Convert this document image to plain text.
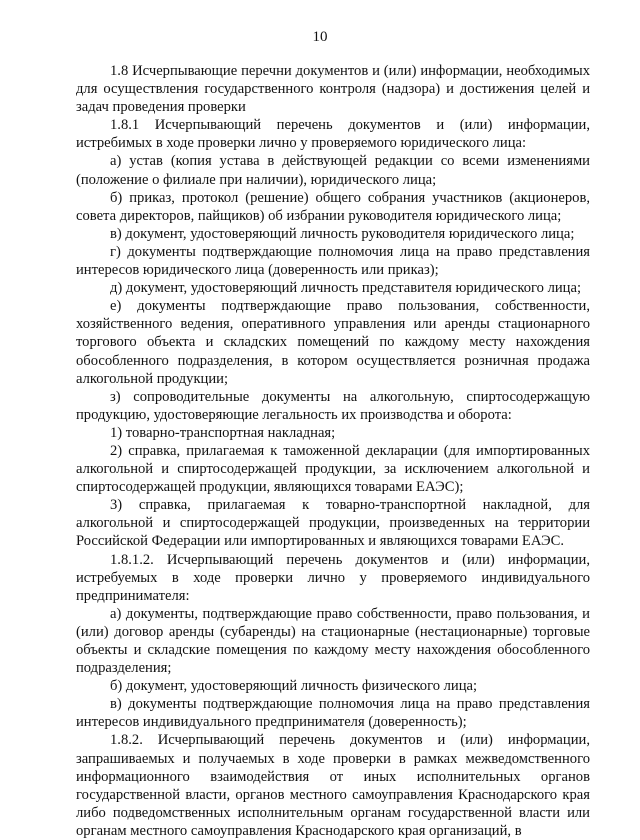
10

1.8 Исчерпывающие перечни документов и (или) информации, необходимых для осуществления государственного контроля (надзора) и достижения целей и задач проведения проверки

1.8.1 Исчерпывающий перечень документов и (или) информации, истребимых в ходе проверки лично у проверяемого юридического лица:

а) устав (копия устава в действующей редакции со всеми изменениями (положение о филиале при наличии), юридического лица;

б) приказ, протокол (решение) общего собрания участников (акционеров, совета директоров, пайщиков) об избрании руководителя юридического лица;

в) документ, удостоверяющий личность руководителя юридического лица;

г) документы подтверждающие полномочия лица на право представления интересов юридического лица (доверенность или приказ);

д) документ, удостоверяющий личность представителя юридического лица;

е) документы подтверждающие право пользования, собственности, хозяйственного ведения, оперативного управления или аренды стационарного торгового объекта и складских помещений по каждому месту нахождения обособленного подразделения, в котором осуществляется розничная продажа алкогольной продукции;

з) сопроводительные документы на алкогольную, спиртосодержащую продукцию, удостоверяющие легальность их производства и оборота:

1) товарно-транспортная накладная;

2) справка, прилагаемая к таможенной декларации (для импортированных алкогольной и спиртосодержащей продукции, за исключением алкогольной и спиртосодержащей продукции, являющихся товарами ЕАЭС);

3) справка, прилагаемая к товарно-транспортной накладной, для алкогольной и спиртосодержащей продукции, произведенных на территории Российской Федерации или импортированных и являющихся товарами ЕАЭС.

1.8.1.2. Исчерпывающий перечень документов и (или) информации, истребуемых в ходе проверки лично у проверяемого индивидуального предпринимателя:

а) документы, подтверждающие право собственности, право пользования, и (или) договор аренды (субаренды) на стационарные (нестационарные) торговые объекты и складские помещения по каждому месту нахождения обособленного подразделения;

б) документ, удостоверяющий личность физического лица;

в) документы подтверждающие полномочия лица на право представления интересов индивидуального предпринимателя (доверенность);

1.8.2. Исчерпывающий перечень документов и (или) информации, запрашиваемых и получаемых в ходе проверки в рамках межведомственного информационного взаимодействия от иных исполнительных органов государственной власти, органов местного самоуправления Краснодарского края либо подведомственных исполнительным органам государственной власти или органам местного самоуправления Краснодарского края организаций, в
